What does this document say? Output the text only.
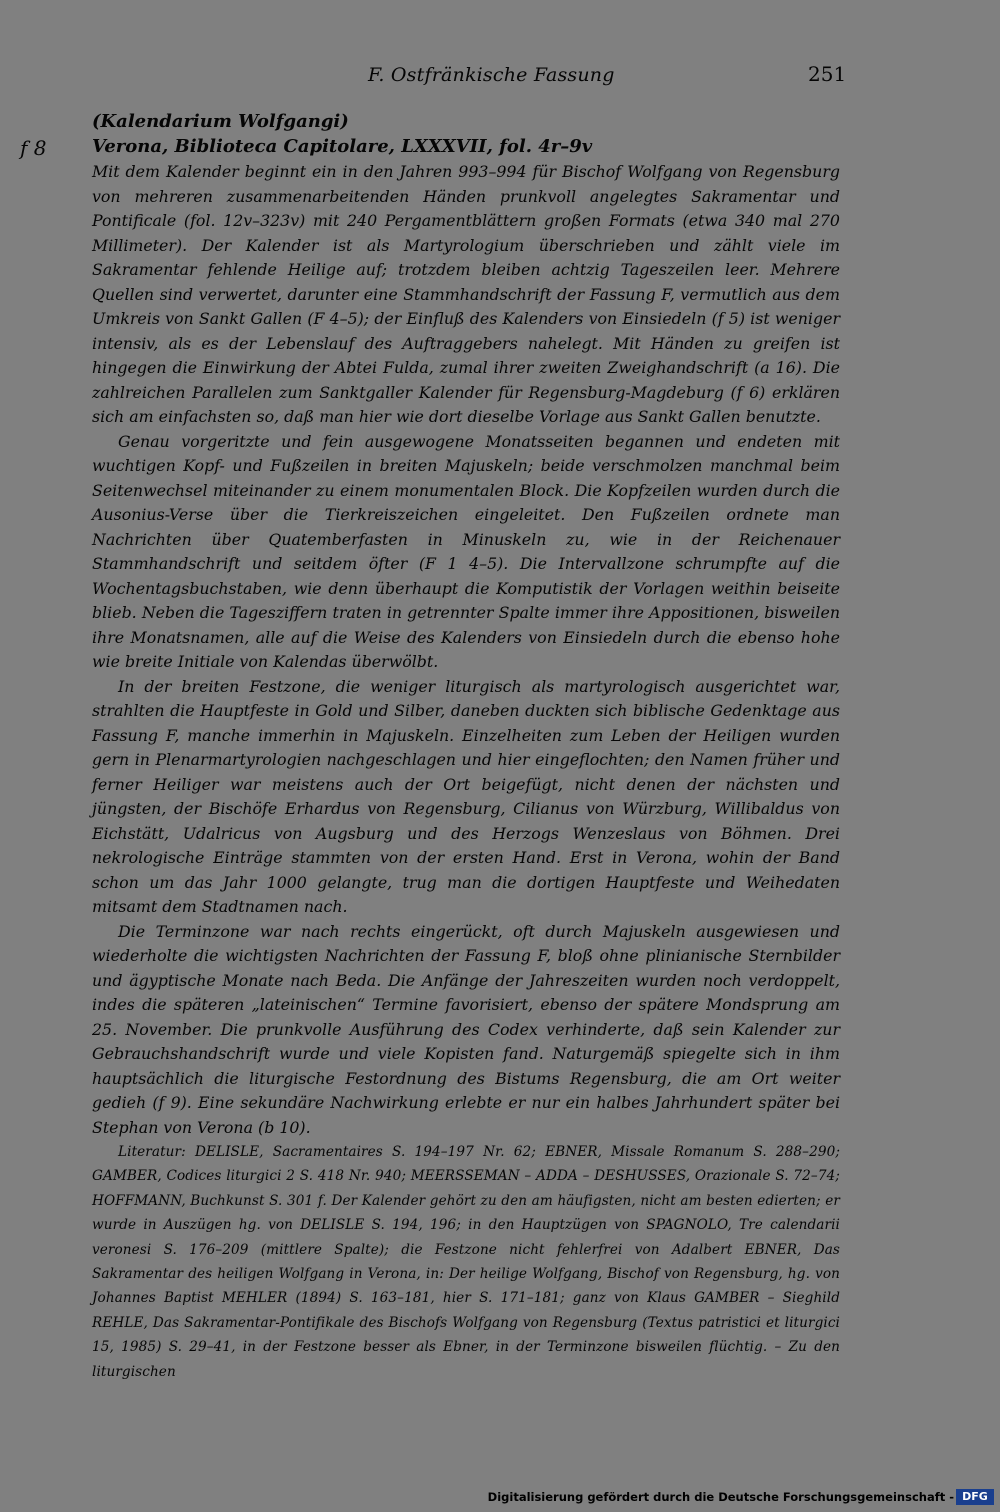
F. Ostfränkische Fassung	251
f 8
(Kalendarium Wolfgangi)
Verona, Biblioteca Capitolare, LXXXVII, fol. 4r–9v

Mit dem Kalender beginnt ein in den Jahren 993–994 für Bischof Wolfgang von Regensburg von mehreren zusammenarbeitenden Händen prunkvoll angelegtes Sakramentar und Pontificale (fol. 12v–323v) mit 240 Pergamentblättern großen Formats (etwa 340 mal 270 Millimeter). Der Kalender ist als Martyrologium überschrieben und zählt viele im Sakramentar fehlende Heilige auf; trotzdem bleiben achtzig Tageszeilen leer. Mehrere Quellen sind verwertet, darunter eine Stammhandschrift der Fassung F, vermutlich aus dem Umkreis von Sankt Gallen (F 4–5); der Einfluß des Kalenders von Einsiedeln (f 5) ist weniger intensiv, als es der Lebenslauf des Auftraggebers nahelegt. Mit Händen zu greifen ist hingegen die Einwirkung der Abtei Fulda, zumal ihrer zweiten Zweighandschrift (a 16). Die zahlreichen Parallelen zum Sanktgaller Kalender für Regensburg-Magdeburg (f 6) erklären sich am einfachsten so, daß man hier wie dort dieselbe Vorlage aus Sankt Gallen benutzte.

Genau vorgeritzte und fein ausgewogene Monatsseiten begannen und endeten mit wuchtigen Kopf- und Fußzeilen in breiten Majuskeln; beide verschmolzen manchmal beim Seitenwechsel miteinander zu einem monumentalen Block. Die Kopfzeilen wurden durch die Ausonius-Verse über die Tierkreiszeichen eingeleitet. Den Fußzeilen ordnete man Nachrichten über Quatemberfasten in Minuskeln zu, wie in der Reichenauer Stammhandschrift und seitdem öfter (F 1 4–5). Die Intervallzone schrumpfte auf die Wochentagsbuchstaben, wie denn überhaupt die Komputistik der Vorlagen weithin beiseite blieb. Neben die Tagesziffern traten in getrennter Spalte immer ihre Appositionen, bisweilen ihre Monatsnamen, alle auf die Weise des Kalenders von Einsiedeln durch die ebenso hohe wie breite Initiale von Kalendas überwölbt.

In der breiten Festzone, die weniger liturgisch als martyrologisch ausgerichtet war, strahlten die Hauptfeste in Gold und Silber, daneben duckten sich biblische Gedenktage aus Fassung F, manche immerhin in Majuskeln. Einzelheiten zum Leben der Heiligen wurden gern in Plenarmartyrologien nachgeschlagen und hier eingeflochten; den Namen früher und ferner Heiliger war meistens auch der Ort beigefügt, nicht denen der nächsten und jüngsten, der Bischöfe Erhardus von Regensburg, Cilianus von Würzburg, Willibaldus von Eichstätt, Udalricus von Augsburg und des Herzogs Wenzeslaus von Böhmen. Drei nekrologische Einträge stammten von der ersten Hand. Erst in Verona, wohin der Band schon um das Jahr 1000 gelangte, trug man die dortigen Hauptfeste und Weihedaten mitsamt dem Stadtnamen nach.

Die Terminzone war nach rechts eingerückt, oft durch Majuskeln ausgewiesen und wiederholte die wichtigsten Nachrichten der Fassung F, bloß ohne plinianische Sternbilder und ägyptische Monate nach Beda. Die Anfänge der Jahreszeiten wurden noch verdoppelt, indes die späteren „lateinischen“ Termine favorisiert, ebenso der spätere Mondsprung am 25. November. Die prunkvolle Ausführung des Codex verhinderte, daß sein Kalender zur Gebrauchshandschrift wurde und viele Kopisten fand. Naturgemäß spiegelte sich in ihm hauptsächlich die liturgische Festordnung des Bistums Regensburg, die am Ort weiter gedieh (f 9). Eine sekundäre Nachwirkung erlebte er nur ein halbes Jahrhundert später bei Stephan von Verona (b 10).

Literatur: DELISLE, Sacramentaires S. 194–197 Nr. 62; EBNER, Missale Romanum S. 288–290; GAMBER, Codices liturgici 2 S. 418 Nr. 940; MEERSSEMAN – ADDA – DESHUSSES, Orazionale S. 72–74; HOFFMANN, Buchkunst S. 301 f. Der Kalender gehört zu den am häufigsten, nicht am besten edierten; er wurde in Auszügen hg. von DELISLE S. 194, 196; in den Hauptzügen von SPAGNOLO, Tre calendarii veronesi S. 176–209 (mittlere Spalte); die Festzone nicht fehlerfrei von Adalbert EBNER, Das Sakramentar des heiligen Wolfgang in Verona, in: Der heilige Wolfgang, Bischof von Regensburg, hg. von Johannes Baptist MEHLER (1894) S. 163–181, hier S. 171–181; ganz von Klaus GAMBER – Sieghild REHLE, Das Sakramentar-Pontifikale des Bischofs Wolfgang von Regensburg (Textus patristici et liturgici 15, 1985) S. 29–41, in der Festzone besser als Ebner, in der Terminzone bisweilen flüchtig. – Zu den liturgischen

Digitalisierung gefördert durch die Deutsche Forschungsgemeinschaft - DFG
